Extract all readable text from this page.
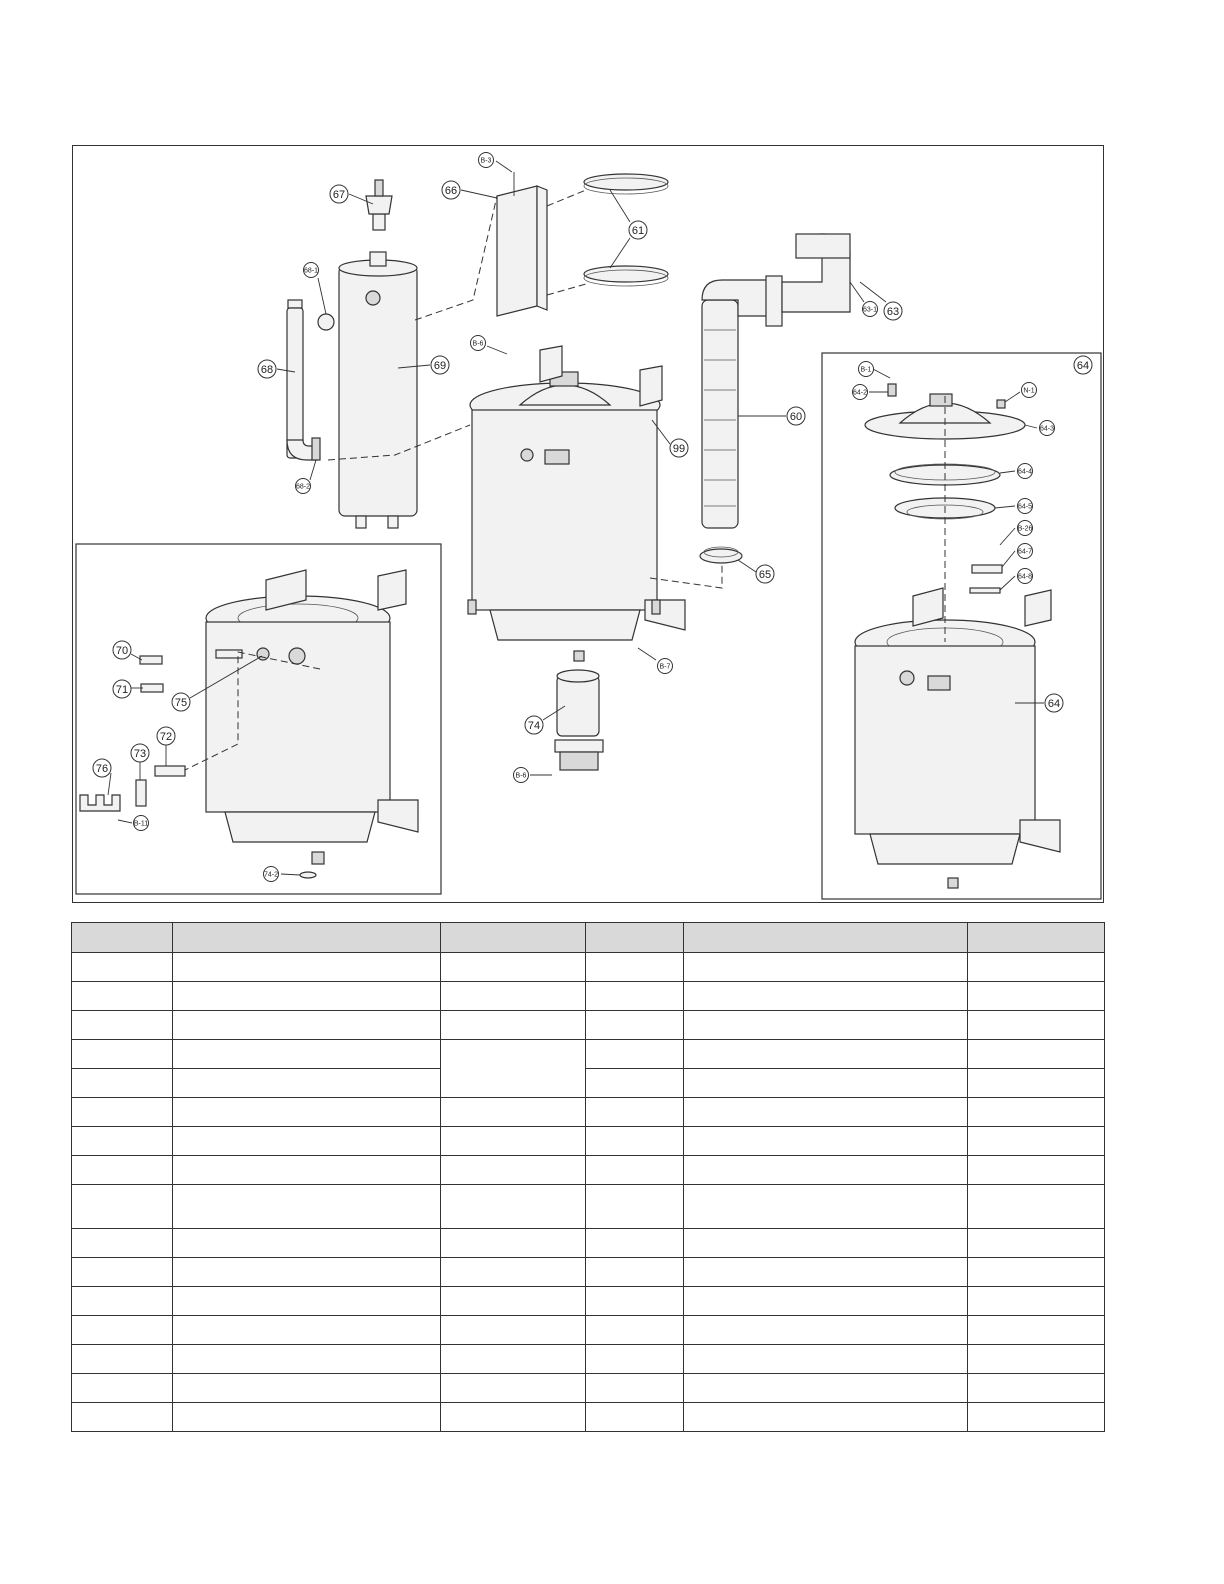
67	66
B-3
61
68-1
68	69
68-2
B-6
99
60
63-1 63
65
B-7
74
B-6
70
71
75
72
73
76
B-11
74-2
64
B-1
64-2	N-1
64-3
64-4
64-5
B-26
64-7
64-8
64
